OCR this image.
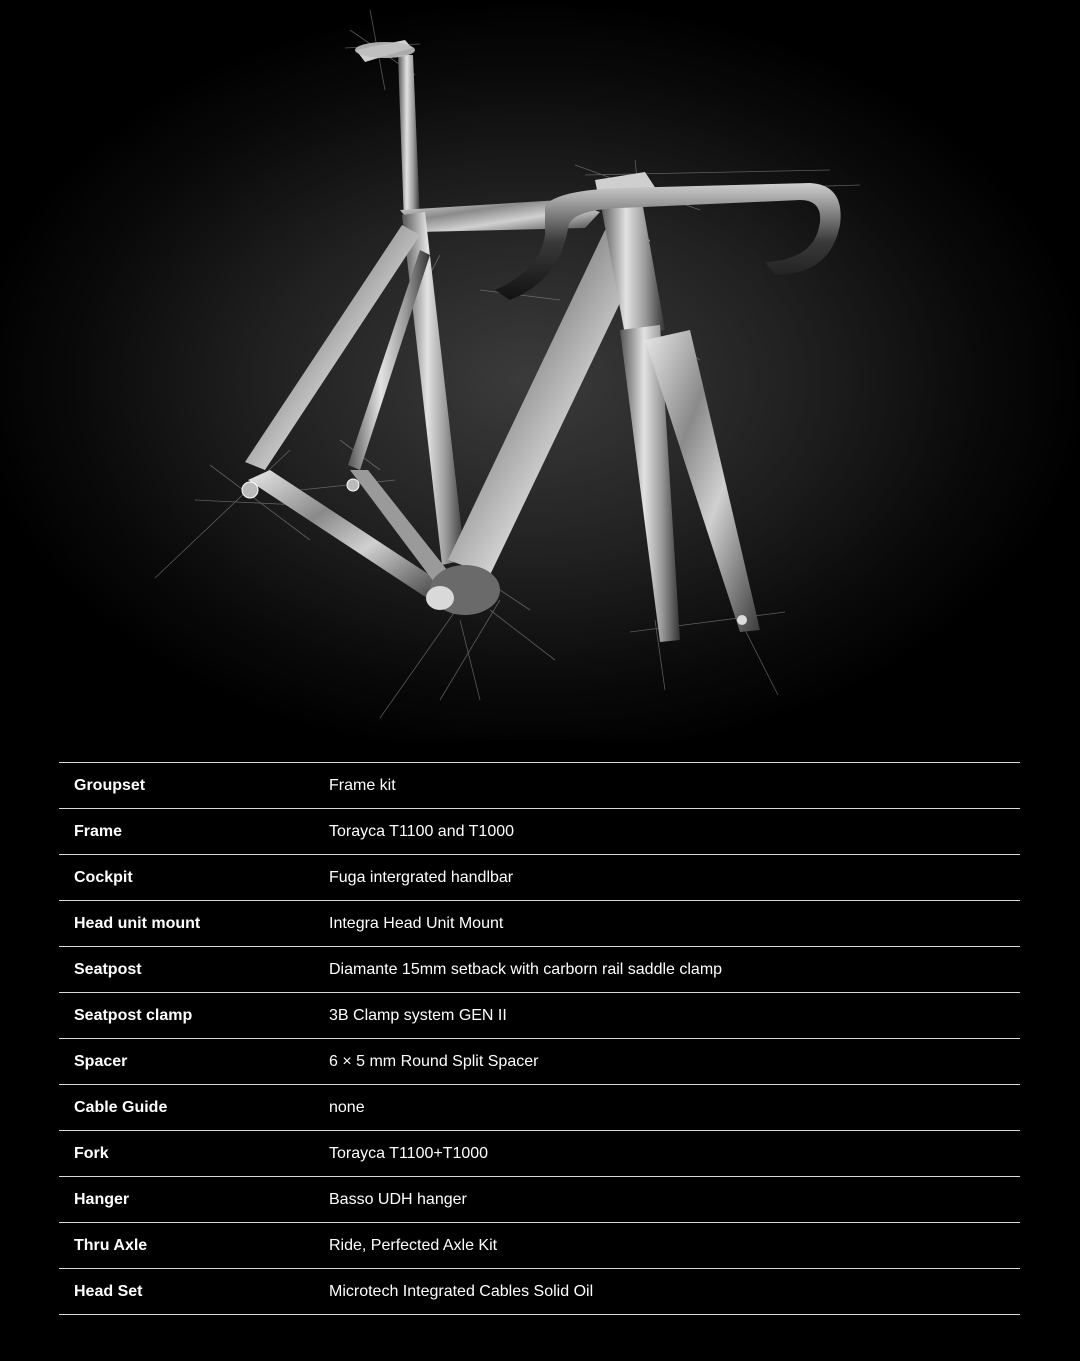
Groupset	Frame kit
Frame	Torayca T1100 and T1000
Cockpit	Fuga intergrated handlbar
Head unit mount	Integra Head Unit Mount
Seatpost	Diamante 15mm setback with carborn rail saddle clamp
Seatpost clamp	3B Clamp system GEN II
Spacer	6 × 5 mm Round Split Spacer
Cable Guide	none
Fork	Torayca T1100+T1000
Hanger	Basso UDH hanger
Thru Axle	Ride, Perfected Axle Kit
Head Set	Microtech Integrated Cables Solid Oil
